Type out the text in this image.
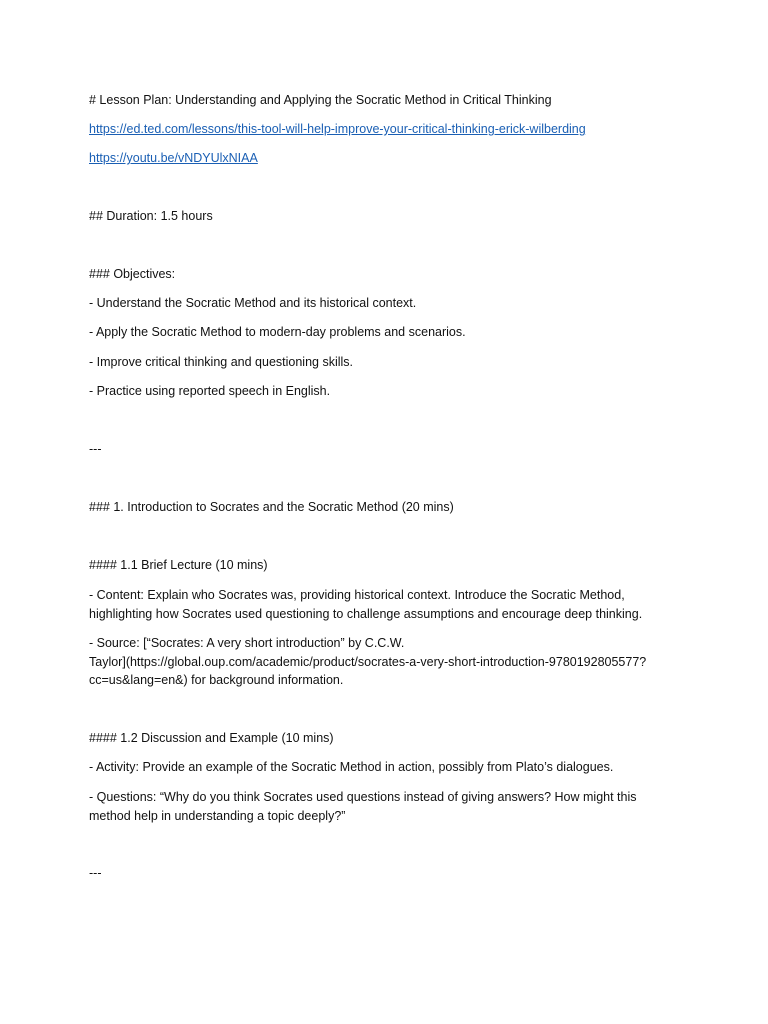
# Lesson Plan: Understanding and Applying the Socratic Method in Critical Thinking

https://ed.ted.com/lessons/this-tool-will-help-improve-your-critical-thinking-erick-wilberding

https://youtu.be/vNDYUlxNIAA

## Duration: 1.5 hours

### Objectives:

- Understand the Socratic Method and its historical context.

- Apply the Socratic Method to modern-day problems and scenarios.

- Improve critical thinking and questioning skills.

- Practice using reported speech in English.

---

### 1. Introduction to Socrates and the Socratic Method (20 mins)

#### 1.1 Brief Lecture (10 mins)

- Content: Explain who Socrates was, providing historical context. Introduce the Socratic Method, highlighting how Socrates used questioning to challenge assumptions and encourage deep thinking.

- Source: [“Socrates: A very short introduction” by C.C.W.
Taylor](https://global.oup.com/academic/product/socrates-a-very-short-introduction-9780192805577?
cc=us&lang=en&) for background information.

#### 1.2 Discussion and Example (10 mins)

- Activity: Provide an example of the Socratic Method in action, possibly from Plato’s dialogues.

- Questions: “Why do you think Socrates used questions instead of giving answers? How might this method help in understanding a topic deeply?”

---
